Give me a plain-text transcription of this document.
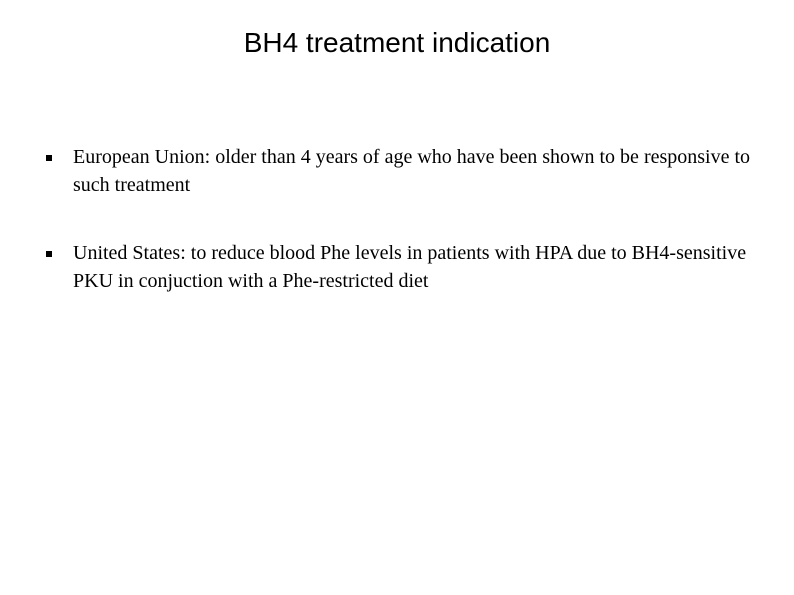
BH4 treatment indication
European Union: older than 4 years of age who have been shown to be responsive to such treatment
United States: to reduce blood Phe levels in patients with HPA due to BH4-sensitive PKU in conjuction with a Phe-restricted diet
